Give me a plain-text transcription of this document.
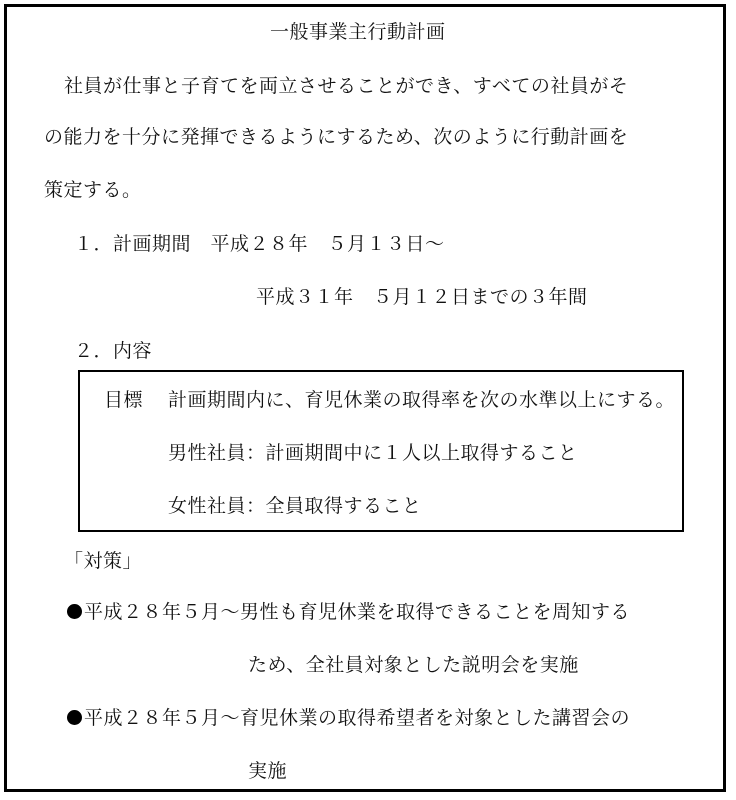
一般事業主行動計画
社員が仕事と子育てを両立させることができ、すべての社員がそ
の能力を十分に発揮できるようにするため、次のように行動計画を
策定する。
１．計画期間　平成２８年　５月１３日～
平成３１年　５月１２日までの３年間
２．内容
目標 計画期間内に、育児休業の取得率を次の水準以上にする。
男性社員：計画期間中に１人以上取得すること
女性社員：全員取得すること
「対策」
平成２８年５月～男性も育児休業を取得できることを周知する
ため、全社員対象とした説明会を実施
平成２８年５月～育児休業の取得希望者を対象とした講習会の
実施
